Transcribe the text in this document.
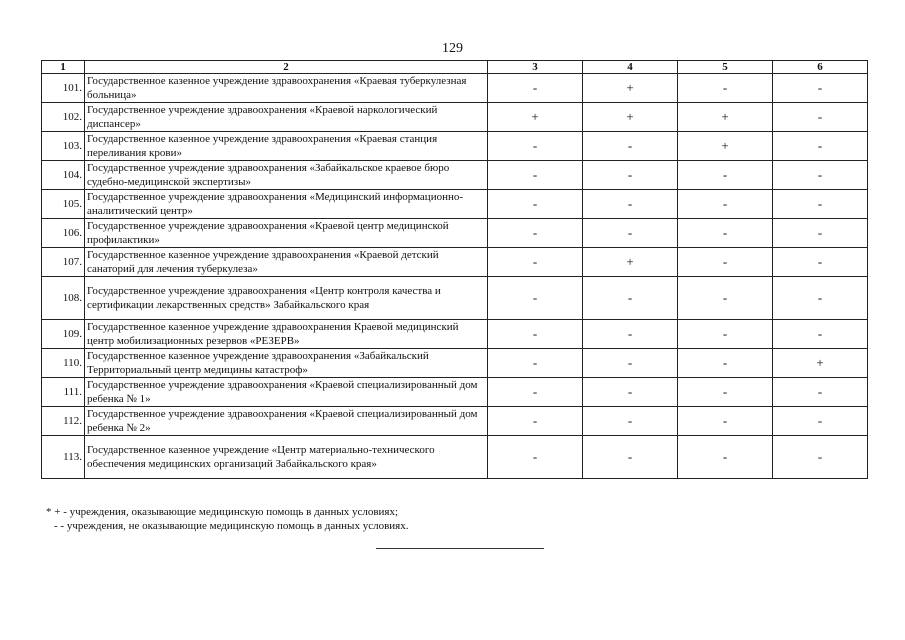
129
1	2	3	4	5	6
101.	Государственное казенное учреждение здравоохранения «Краевая туберкулезная больница»	-	+	-	-
102.	Государственное учреждение здравоохранения «Краевой наркологический диспансер»	+	+	+	-
103.	Государственное казенное учреждение здравоохранения «Краевая станция переливания крови»	-	-	+	-
104.	Государственное учреждение здравоохранения «Забайкальское краевое бюро судебно-медицинской экспертизы»	-	-	-	-
105.	Государственное учреждение здравоохранения «Медицинский информационно-аналитический центр»	-	-	-	-
106.	Государственное учреждение здравоохранения «Краевой центр медицинской профилактики»	-	-	-	-
107.	Государственное казенное учреждение здравоохранения «Краевой детский санаторий для лечения туберкулеза»	-	+	-	-
108.	Государственное учреждение здравоохранения «Центр контроля качества и сертификации лекарственных средств» Забайкальского края	-	-	-	-
109.	Государственное казенное учреждение здравоохранения Краевой медицинский центр мобилизационных резервов «РЕЗЕРВ»	-	-	-	-
110.	Государственное казенное учреждение здравоохранения «Забайкальский Территориальный центр медицины катастроф»	-	-	-	+
111.	Государственное учреждение здравоохранения «Краевой специализированный дом ребенка № 1»	-	-	-	-
112.	Государственное учреждение здравоохранения «Краевой специализированный дом ребенка № 2»	-	-	-	-
113.	Государственное казенное учреждение «Центр материально-технического обеспечения медицинских организаций Забайкальского края»	-	-	-	-
* + - учреждения, оказывающие медицинскую помощь в данных условиях;
- - учреждения, не оказывающие медицинскую помощь в данных условиях.
